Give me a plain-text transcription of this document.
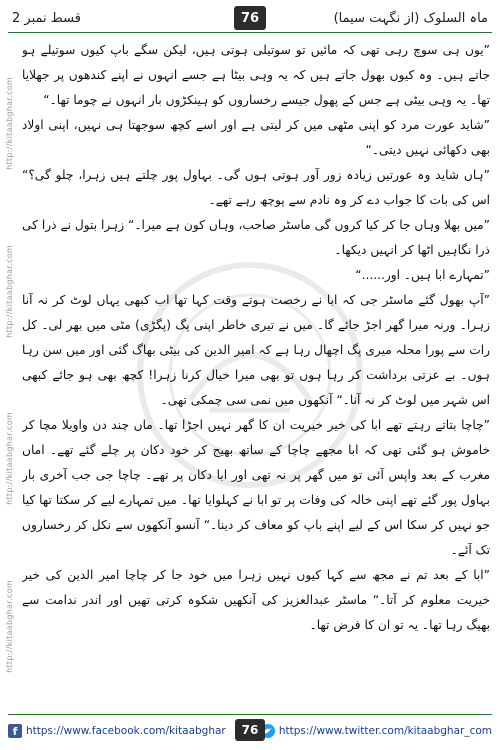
قسط نمبر 2	76	ماہ السلوک (از نگہت سیما)
http://kitaabghar.com
http://kitaabghar.com
http://kitaabghar.com
http://kitaabghar.com

”یوں ہی سوچ رہی تھی کہ مائیں تو سوتیلی ہوتی ہیں، لیکن سگے باپ کیوں سوتیلے ہو جاتے ہیں۔ وہ کیوں بھول جاتے ہیں کہ یہ وہی بیٹا ہے جسے انہوں نے اپنے کندھوں پر جھلایا تھا۔ یہ وہی بیٹی ہے جس کے پھول جیسے رخساروں کو ہینکڑوں بار انہوں نے چوما تھا۔“

”شاید عورت مرد کو اپنی مٹھی میں کر لیتی ہے اور اسے کچھ سوجھتا ہی نہیں، اپنی اولاد بھی دکھائی نہیں دیتی۔“

”ہاں شاید وہ عورتیں زیادہ زور آور ہوتی ہوں گی۔ بہاول پور چلتے ہیں زہرا، چلو گی؟“ اس کی بات کا جواب دے کر وہ نادم سے پوچھ رہے تھے۔

”میں بھلا وہاں جا کر کیا کروں گی ماسٹر صاحب، وہاں کون ہے میرا۔“ زہرا بتول نے ذرا کی ذرا نگاہیں اٹھا کر انہیں دیکھا۔

”تمہارے ابا ہیں۔ اور......“

”آپ بھول گئے ماسٹر جی کہ ابا نے رخصت ہوتے وقت کہا تھا اب کبھی یہاں لوٹ کر نہ آنا زہرا۔ ورنہ میرا گھر اجڑ جائے گا۔ میں نے تیری خاطر اپنی پگ (پگڑی) مٹی میں بھر لی۔ کل رات سے پورا محلہ میری پگ اچھال رہا ہے کہ امیر الدین کی بیٹی بھاگ گئی اور میں سن رہا ہوں۔ بے عزتی برداشت کر رہا ہوں تو بھی میرا خیال کرنا زہرا! کچھ بھی ہو جائے کبھی اس شہر میں لوٹ کر نہ آنا۔“ آنکھوں میں نمی سی چمکی تھی۔

”چاچا بتاتے رہتے تھے ابا کی خیر خیریت ان کا گھر نہیں اجڑا تھا۔ ماں چند دن واویلا مچا کر خاموش ہو گئی تھی کہ ابا مجھے چاچا کے ساتھ بھیج کر خود دکان پر چلے گئے تھے۔ اماں مغرب کے بعد واپس آئی تو میں گھر پر نہ تھی اور ابا دکان پر تھے۔ چاچا جی جب آخری بار بہاول پور گئے تھے اپنی خالہ کی وفات پر تو ابا نے کہلوایا تھا۔ میں تمہارے لیے کر سکتا تھا کیا جو نہیں کر سکا اس کے لیے اپنے باپ کو معاف کر دینا۔“ آنسو آنکھوں سے نکل کر رخساروں تک آئے۔

”ابا کے بعد تم نے مجھ سے کہا کیوں نہیں زہرا میں خود جا کر چاچا امیر الدین کی خیر خیریت معلوم کر آتا۔“ ماسٹر عبدالعزیز کی آنکھیں شکوہ کرتی تھیں اور اندر ندامت سے بھیگ رہا تھا۔ یہ تو ان کا فرض تھا۔

f https://www.facebook.com/kitaabghar	76	https://www.twitter.com/kitaabghar_com
